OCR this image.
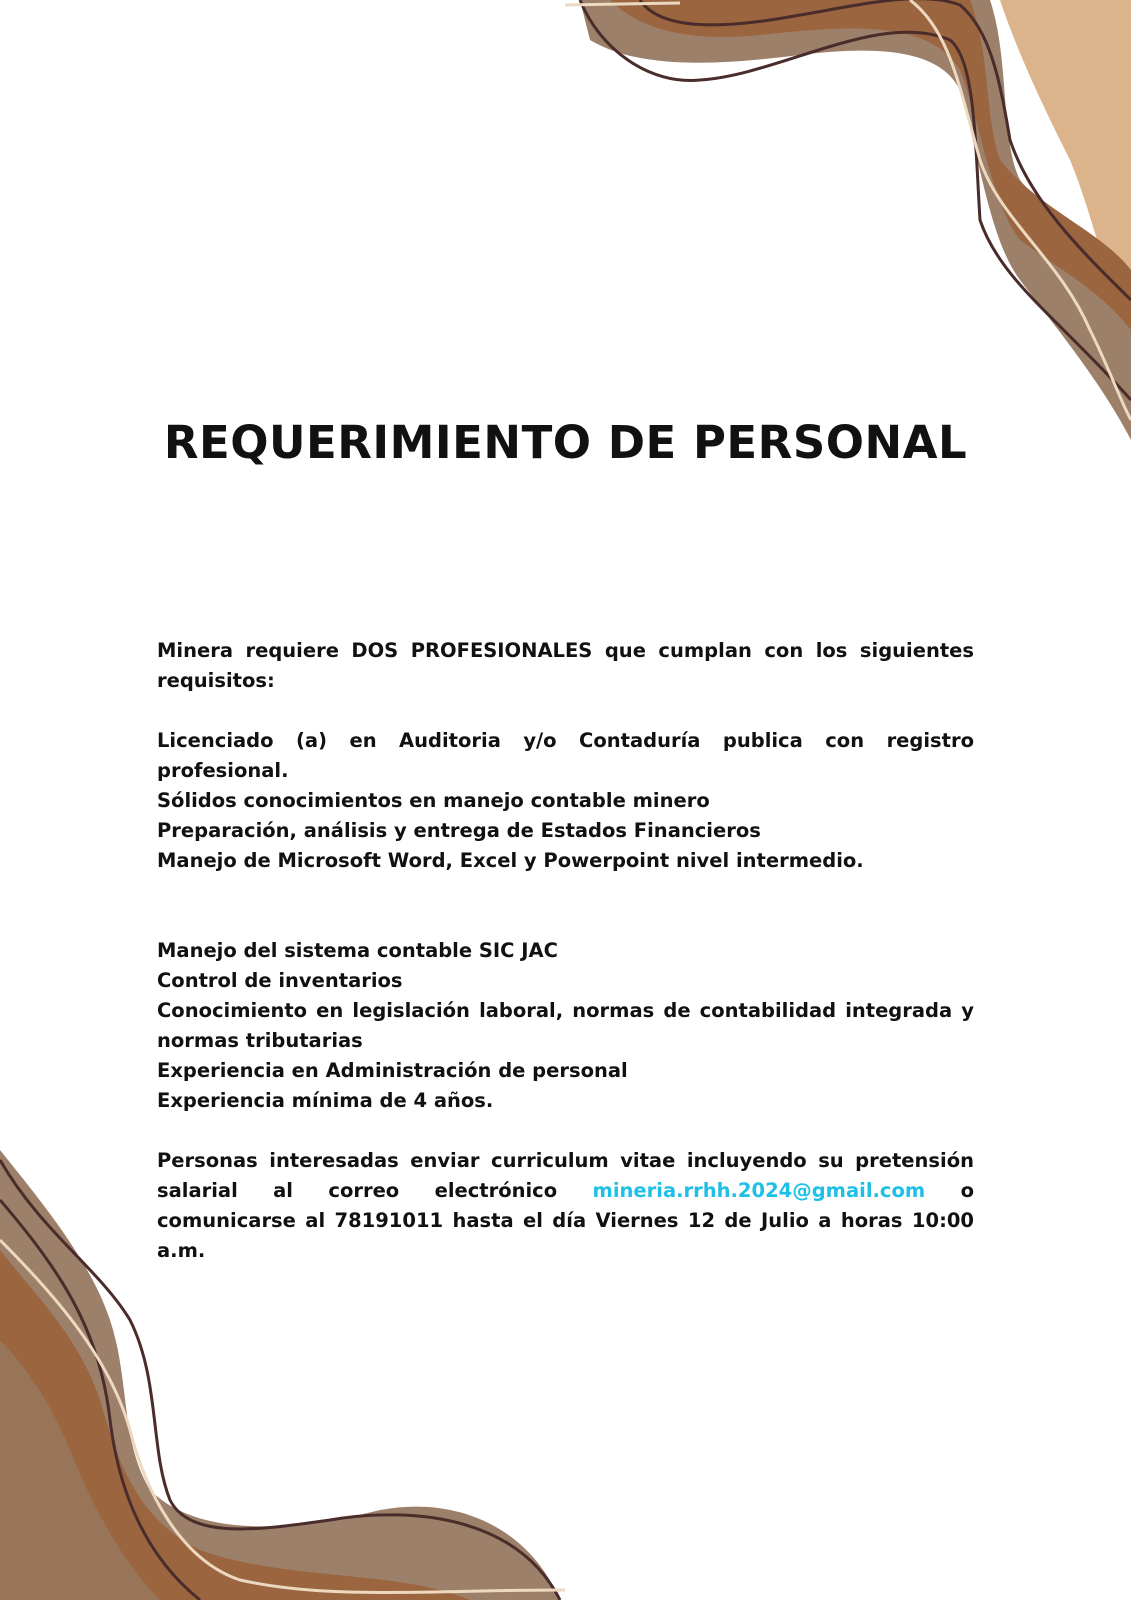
REQUERIMIENTO DE PERSONAL

Minera requiere DOS PROFESIONALES que cumplan con los siguientes requisitos:

Licenciado (a) en Auditoria y/o Contaduría publica con registro profesional.

Sólidos conocimientos en manejo contable minero

Preparación, análisis y entrega de Estados Financieros

Manejo de Microsoft Word, Excel y Powerpoint nivel intermedio.

Manejo del sistema contable SIC JAC

Control de inventarios

Conocimiento en legislación laboral, normas de contabilidad integrada y normas tributarias

Experiencia en Administración de personal

Experiencia mínima de 4 años.

Personas interesadas enviar curriculum vitae incluyendo su pretensión salarial al correo electrónico mineria.rrhh.2024@gmail.com o comunicarse al 78191011 hasta el día Viernes 12 de Julio a horas 10:00 a.m.
